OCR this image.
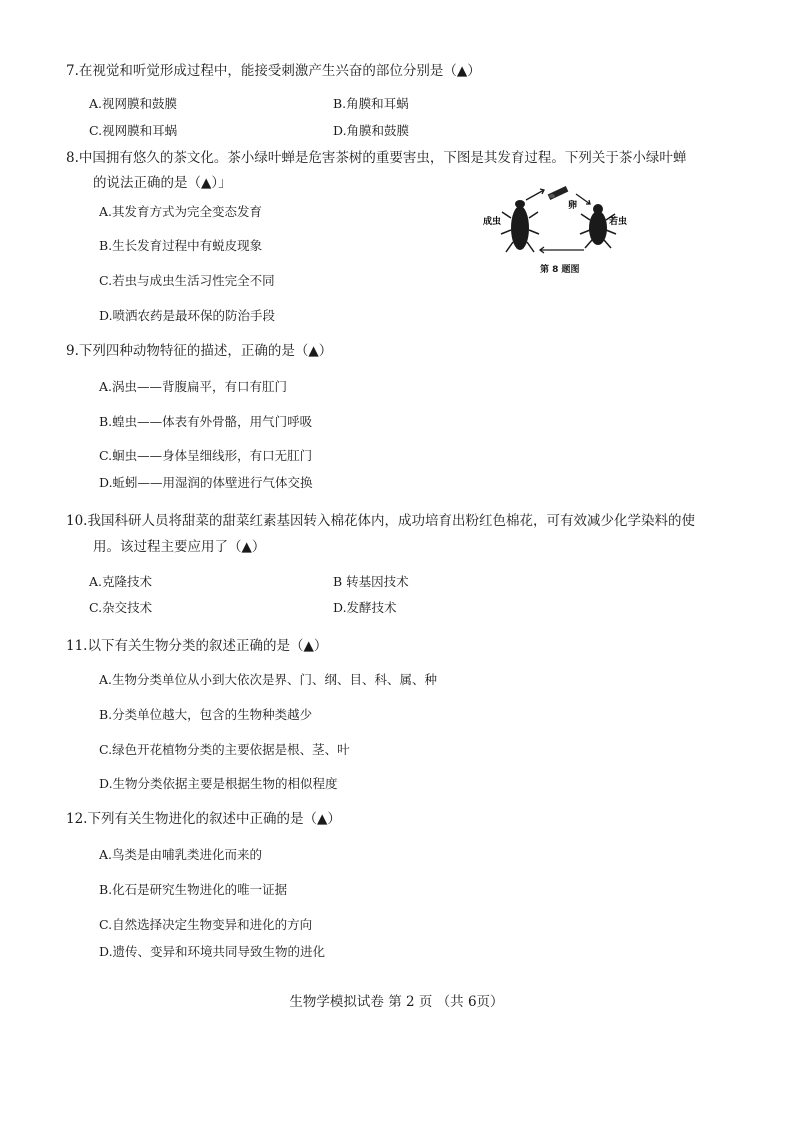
7.在视觉和听觉形成过程中，能接受刺激产生兴奋的部位分别是（▲）
A.视网膜和鼓膜	B.角膜和耳蜗
C.视网膜和耳蜗	D.角膜和鼓膜
8.中国拥有悠久的茶文化。茶小绿叶蝉是危害茶树的重要害虫，下图是其发育过程。下列关于茶小绿叶蝉
的说法正确的是（▲）」
A.其发育方式为完全变态发育
B.生长发育过程中有蜕皮现象
C.若虫与成虫生活习性完全不同
D.喷洒农药是最环保的防治手段
成虫
卵
若虫
第 8 题图
9.下列四种动物特征的描述，正确的是（▲）
A.涡虫——背腹扁平，有口有肛门
B.蝗虫——体表有外骨骼，用气门呼吸
C.蛔虫——身体呈细线形，有口无肛门
D.蚯蚓——用湿润的体壁进行气体交换
10.我国科研人员将甜菜的甜菜红素基因转入棉花体内，成功培育出粉红色棉花，可有效减少化学染料的使
用。该过程主要应用了（▲）
A.克隆技术	B 转基因技术
C.杂交技术	D.发酵技术
11.以下有关生物分类的叙述正确的是（▲）
A.生物分类单位从小到大依次是界、门、纲、目、科、属、种
B.分类单位越大，包含的生物种类越少
C.绿色开花植物分类的主要依据是根、茎、叶
D.生物分类依据主要是根据生物的相似程度
12.下列有关生物进化的叙述中正确的是（▲）
A.鸟类是由哺乳类进化而来的
B.化石是研究生物进化的唯一证据
C.自然选择决定生物变异和进化的方向
D.遗传、变异和环境共同导致生物的进化
生物学模拟试卷 第 2 页 （共 6页）
